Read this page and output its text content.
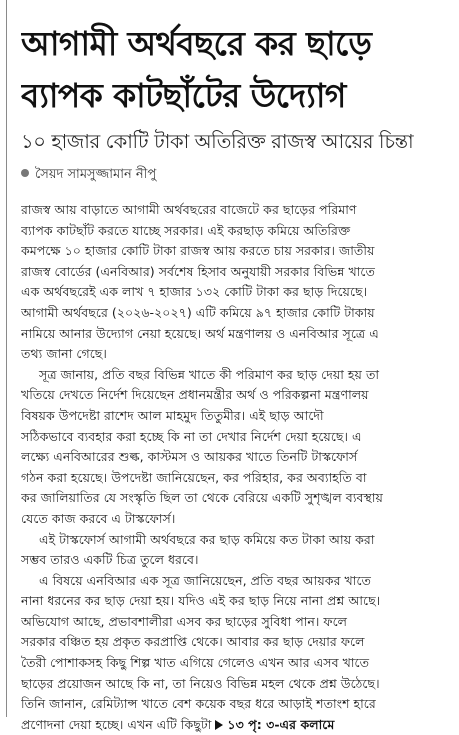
আগামী অর্থবছরে কর ছাড়ে
ব্যাপক কাটছাঁটের উদ্যোগ
১০ হাজার কোটি টাকা অতিরিক্ত রাজস্ব আয়ের চিন্তা
সৈয়দ সামসুজ্জামান নীপু
রাজস্ব আয় বাড়াতে আগামী অর্থবছরের বাজেটে কর ছাড়ের পরিমাণ
ব্যাপক কাটছাঁট করতে যাচ্ছে সরকার। এই করছাড় কমিয়ে অতিরিক্ত
কমপক্ষে ১০ হাজার কোটি টাকা রাজস্ব আয় করতে চায় সরকার। জাতীয়
রাজস্ব বোর্ডের (এনবিআর) সর্বশেষ হিসাব অনুযায়ী সরকার বিভিন্ন খাতে
এক অর্থবছরেই এক লাখ ৭ হাজার ১৩২ কোটি টাকা কর ছাড় দিয়েছে।
আগামী অর্থবছরে (২০২৬-২০২৭) এটি কমিয়ে ৯৭ হাজার কোটি টাকায়
নামিয়ে আনার উদ্যোগ নেয়া হয়েছে। অর্থ মন্ত্রণালয় ও এনবিআর সূত্রে এ
তথ্য জানা গেছে।
সূত্র জানায়, প্রতি বছর বিভিন্ন খাতে কী পরিমাণ কর ছাড় দেয়া হয় তা
খতিয়ে দেখতে নির্দেশ দিয়েছেন প্রধানমন্ত্রীর অর্থ ও পরিকল্পনা মন্ত্রণালয়
বিষয়ক উপদেষ্টা রাশেদ আল মাহমুদ তিতুমীর। এই ছাড় আদৌ
সঠিকভাবে ব্যবহার করা হচ্ছে কি না তা দেখার নির্দেশ দেয়া হয়েছে। এ
লক্ষ্যে এনবিআরের শুল্ক, কাস্টমস ও আয়কর খাতে তিনটি টাস্কফোর্স
গঠন করা হয়েছে। উপদেষ্টা জানিয়েছেন, কর পরিহার, কর অব্যাহতি বা
কর জালিয়াতির যে সংস্কৃতি ছিল তা থেকে বেরিয়ে একটি সুশৃঙ্খল ব্যবস্থায়
যেতে কাজ করবে এ টাস্কফোর্স।
এই টাস্কফোর্স আগামী অর্থবছরে কর ছাড় কমিয়ে কত টাকা আয় করা
সম্ভব তারও একটি চিত্র তুলে ধরবে।
এ বিষয়ে এনবিআর এক সূত্র জানিয়েছেন, প্রতি বছর আয়কর খাতে
নানা ধরনের কর ছাড় দেয়া হয়। যদিও এই কর ছাড় নিয়ে নানা প্রশ্ন আছে।
অভিযোগ আছে, প্রভাবশালীরা এসব কর ছাড়ের সুবিধা পান। ফলে
সরকার বঞ্চিত হয় প্রকৃত করপ্রাপ্তি থেকে। আবার কর ছাড় দেয়ার ফলে
তৈরী পোশাকসহ কিছু শিল্প খাত এগিয়ে গেলেও এখন আর এসব খাতে
ছাড়ের প্রয়োজন আছে কি না, তা নিয়েও বিভিন্ন মহল থেকে প্রশ্ন উঠেছে।
তিনি জানান, রেমিট্যান্স খাতে বেশ কয়েক বছর ধরে আড়াই শতাংশ হারে
প্রণোদনা দেয়া হচ্ছে। এখন এটি কিছুটা ১৩ পৃ: ৩-এর কলামে
